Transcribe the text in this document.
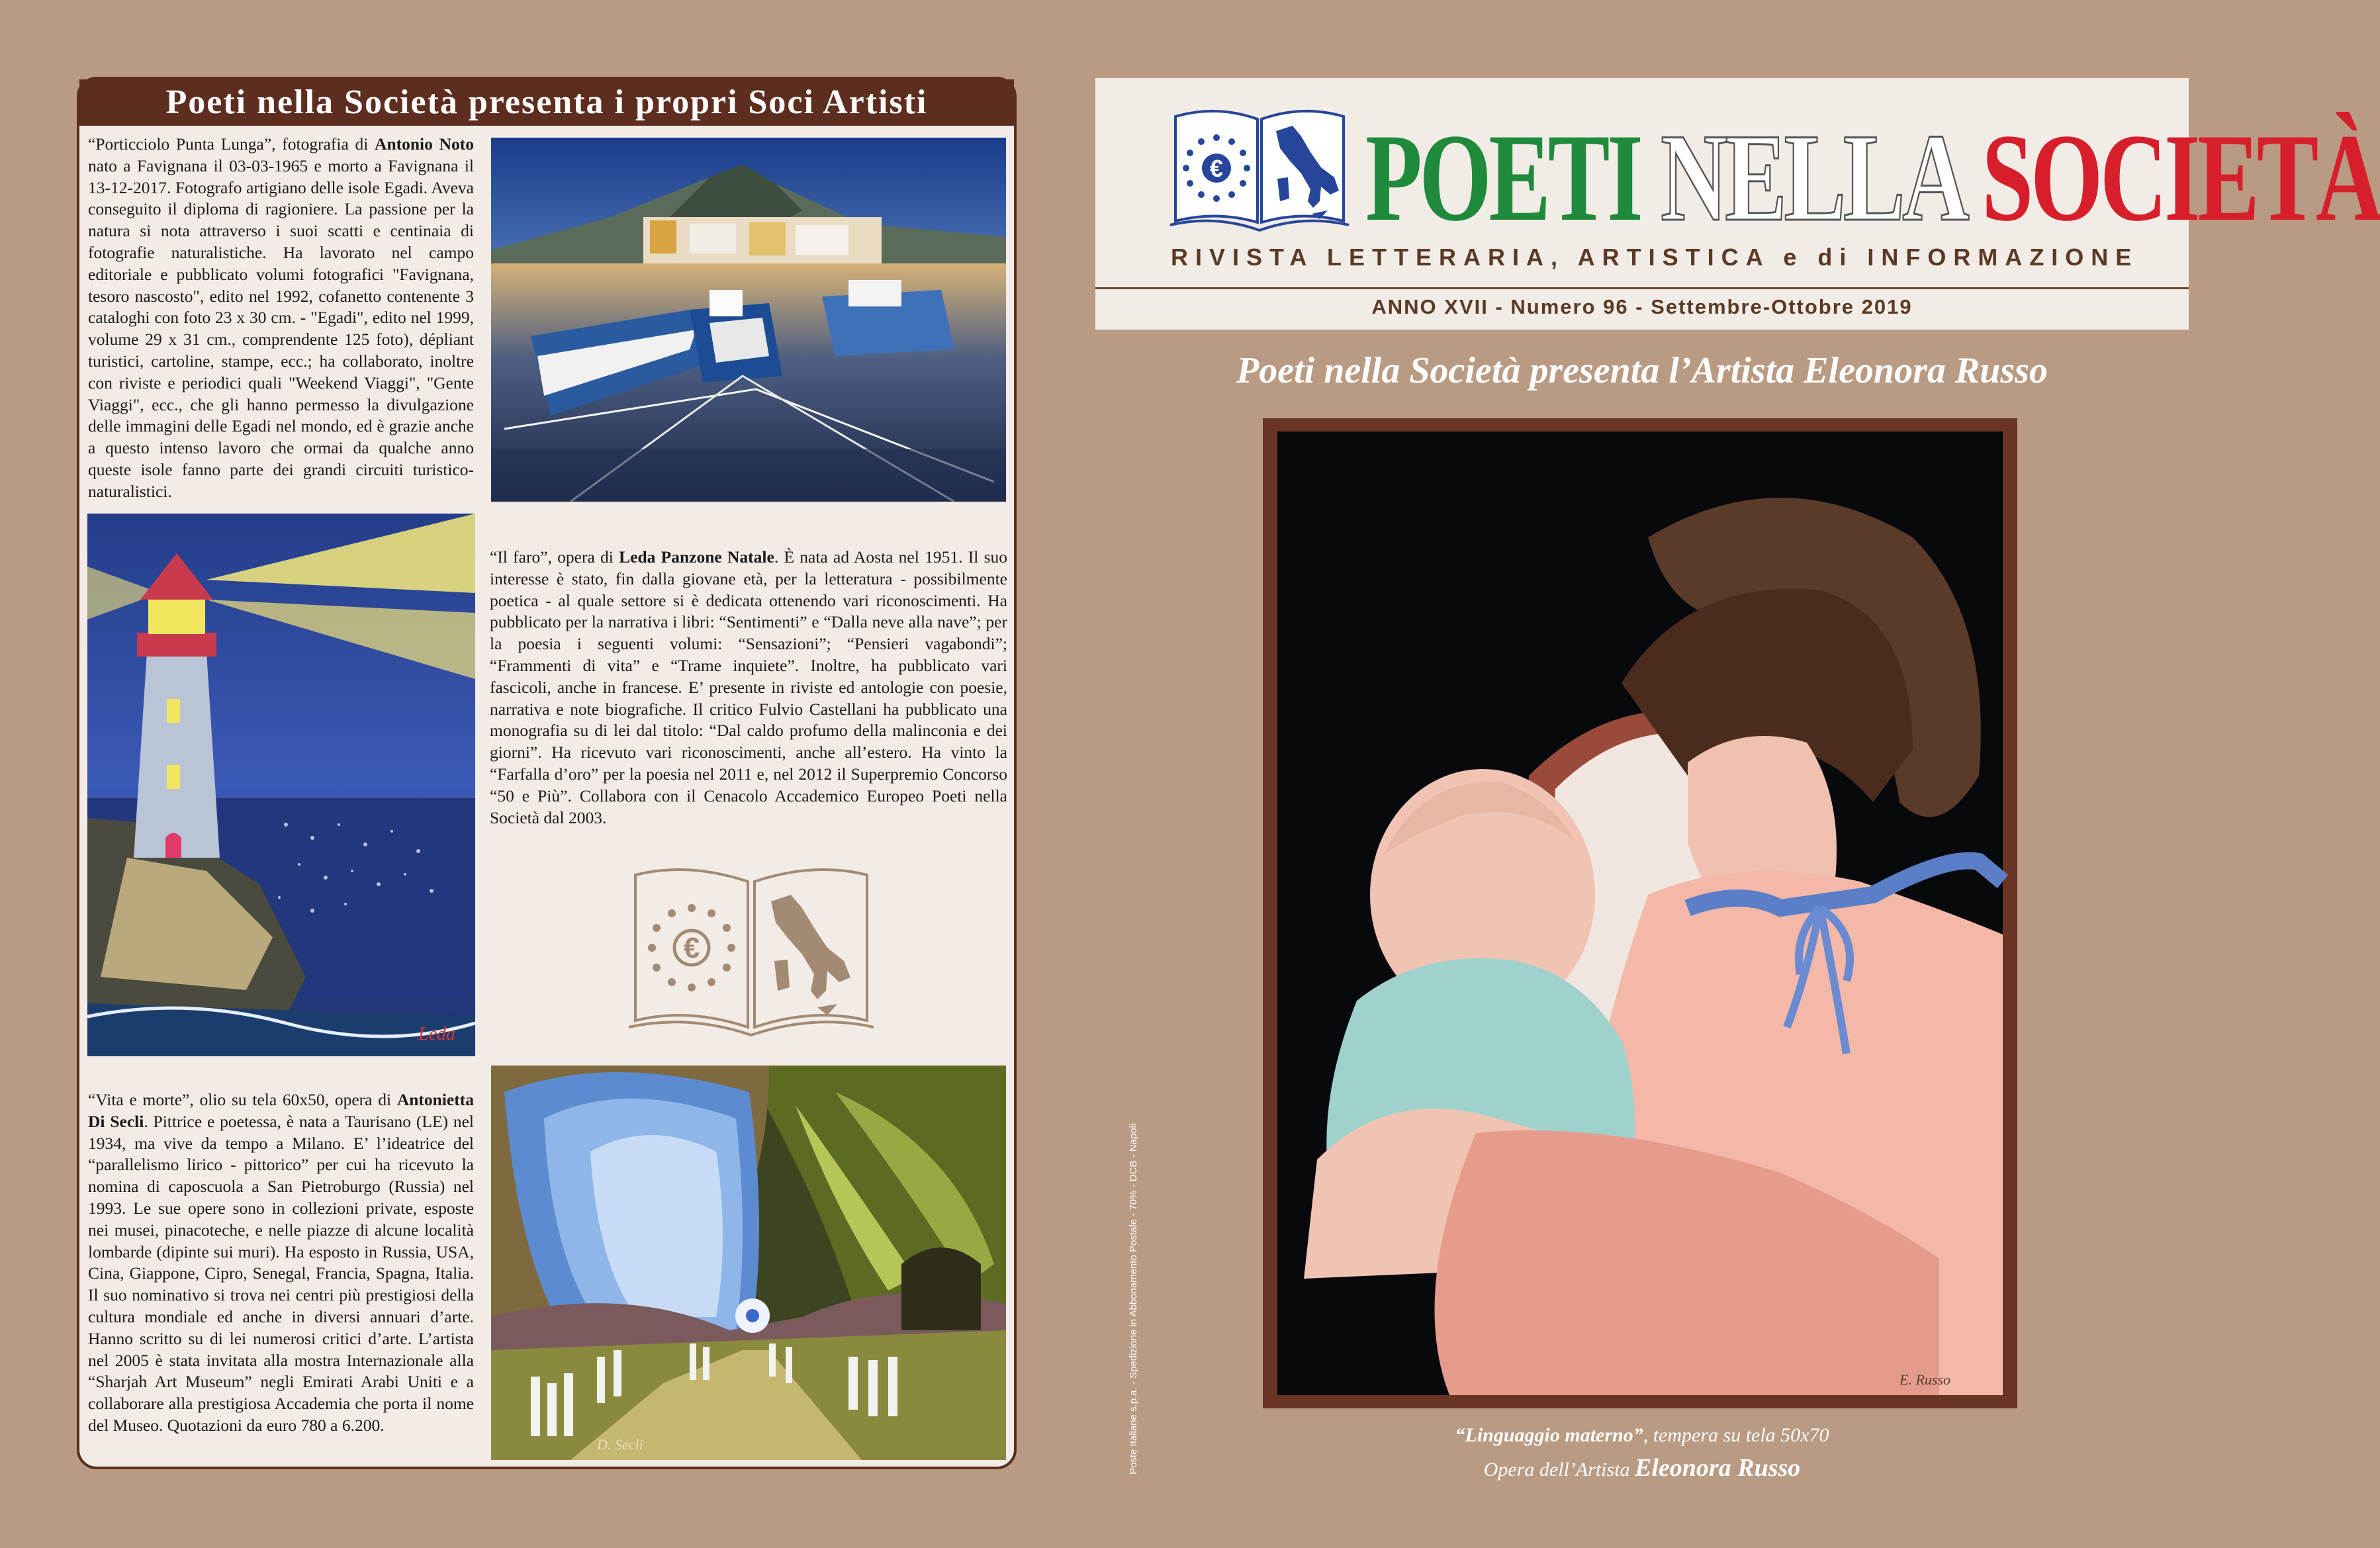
Poeti nella Società presenta i propri Soci Artisti
“Porticciolo Punta Lunga”, fotografia di Antonio Noto nato a Favignana il 03-03-1965 e morto a Favignana il 13-12-2017. Fotografo artigiano delle isole Egadi. Aveva conseguito il diploma di ragioniere. La passione per la natura si nota attraverso i suoi scatti e centinaia di fotografie naturalistiche. Ha lavorato nel campo editoriale e pubblicato volumi fotografici "Favignana, tesoro nascosto", edito nel 1992, cofanetto contenente 3 cataloghi con foto 23 x 30 cm. - "Egadi", edito nel 1999, volume 29 x 31 cm., comprendente 125 foto), dépliant turistici, cartoline, stampe, ecc.; ha collaborato, inoltre con riviste e periodici quali "Weekend Viaggi", "Gente Viaggi", ecc., che gli hanno permesso la divulgazione delle immagini delle Egadi nel mondo, ed è grazie anche a questo intenso lavoro che ormai da qualche anno queste isole fanno parte dei grandi circuiti turistico-naturalistici.
Leda
“Il faro”, opera di Leda Panzone Natale. È nata ad Aosta nel 1951. Il suo interesse è stato, fin dalla giovane età, per la letteratura - possibilmente poetica - al quale settore si è dedicata ottenendo vari riconoscimenti. Ha pubblicato per la narrativa i libri: “Sentimenti” e “Dalla neve alla nave”; per la poesia i seguenti volumi: “Sensazioni”; “Pensieri vagabondi”; “Frammenti di vita” e “Trame inquiete”. Inoltre, ha pubblicato vari fascicoli, anche in francese. E’ presente in riviste ed antologie con poesie, narrativa e note biografiche. Il critico Fulvio Castellani ha pubblicato una monografia su di lei dal titolo: “Dal caldo profumo della malinconia e dei giorni”. Ha ricevuto vari riconoscimenti, anche all’estero. Ha vinto la “Farfalla d’oro” per la poesia nel 2011 e, nel 2012 il Superpremio Concorso “50 e Più”. Collabora con il Cenacolo Accademico Europeo Poeti nella Società dal 2003.
€
“Vita e morte”, olio su tela 60x50, opera di Antonietta Di Secli. Pittrice e poetessa, è nata a Taurisano (LE) nel 1934, ma vive da tempo a Milano. E’ l’ideatrice del “parallelismo lirico - pittorico” per cui ha ricevuto la nomina di caposcuola a San Pietroburgo (Russia) nel 1993. Le sue opere sono in collezioni private, esposte nei musei, pinacoteche, e nelle piazze di alcune località lombarde (dipinte sui muri). Ha esposto in Russia, USA, Cina, Giappone, Cipro, Senegal, Francia, Spagna, Italia. Il suo nominativo si trova nei centri più prestigiosi della cultura mondiale ed anche in diversi annuari d’arte. Hanno scritto su di lei numerosi critici d’arte. L’artista nel 2005 è stata invitata alla mostra Internazionale alla “Sharjah Art Museum” negli Emirati Arabi Uniti e a collaborare alla prestigiosa Accademia che porta il nome del Museo. Quotazioni da euro 780 a 6.200.
D. Secli
€ POETI NELLA SOCIETÀ
RIVISTA LETTERARIA, ARTISTICA e di INFORMAZIONE
ANNO XVII - Numero 96 - Settembre-Ottobre 2019
Poeti nella Società presenta l’Artista Eleonora Russo
E. Russo
“Linguaggio materno”, tempera su tela 50x70
Opera dell’Artista Eleonora Russo
Poste Italiane s.p.a. - Spedizione in Abbonamento Postale - 70% - DCB - Napoli
